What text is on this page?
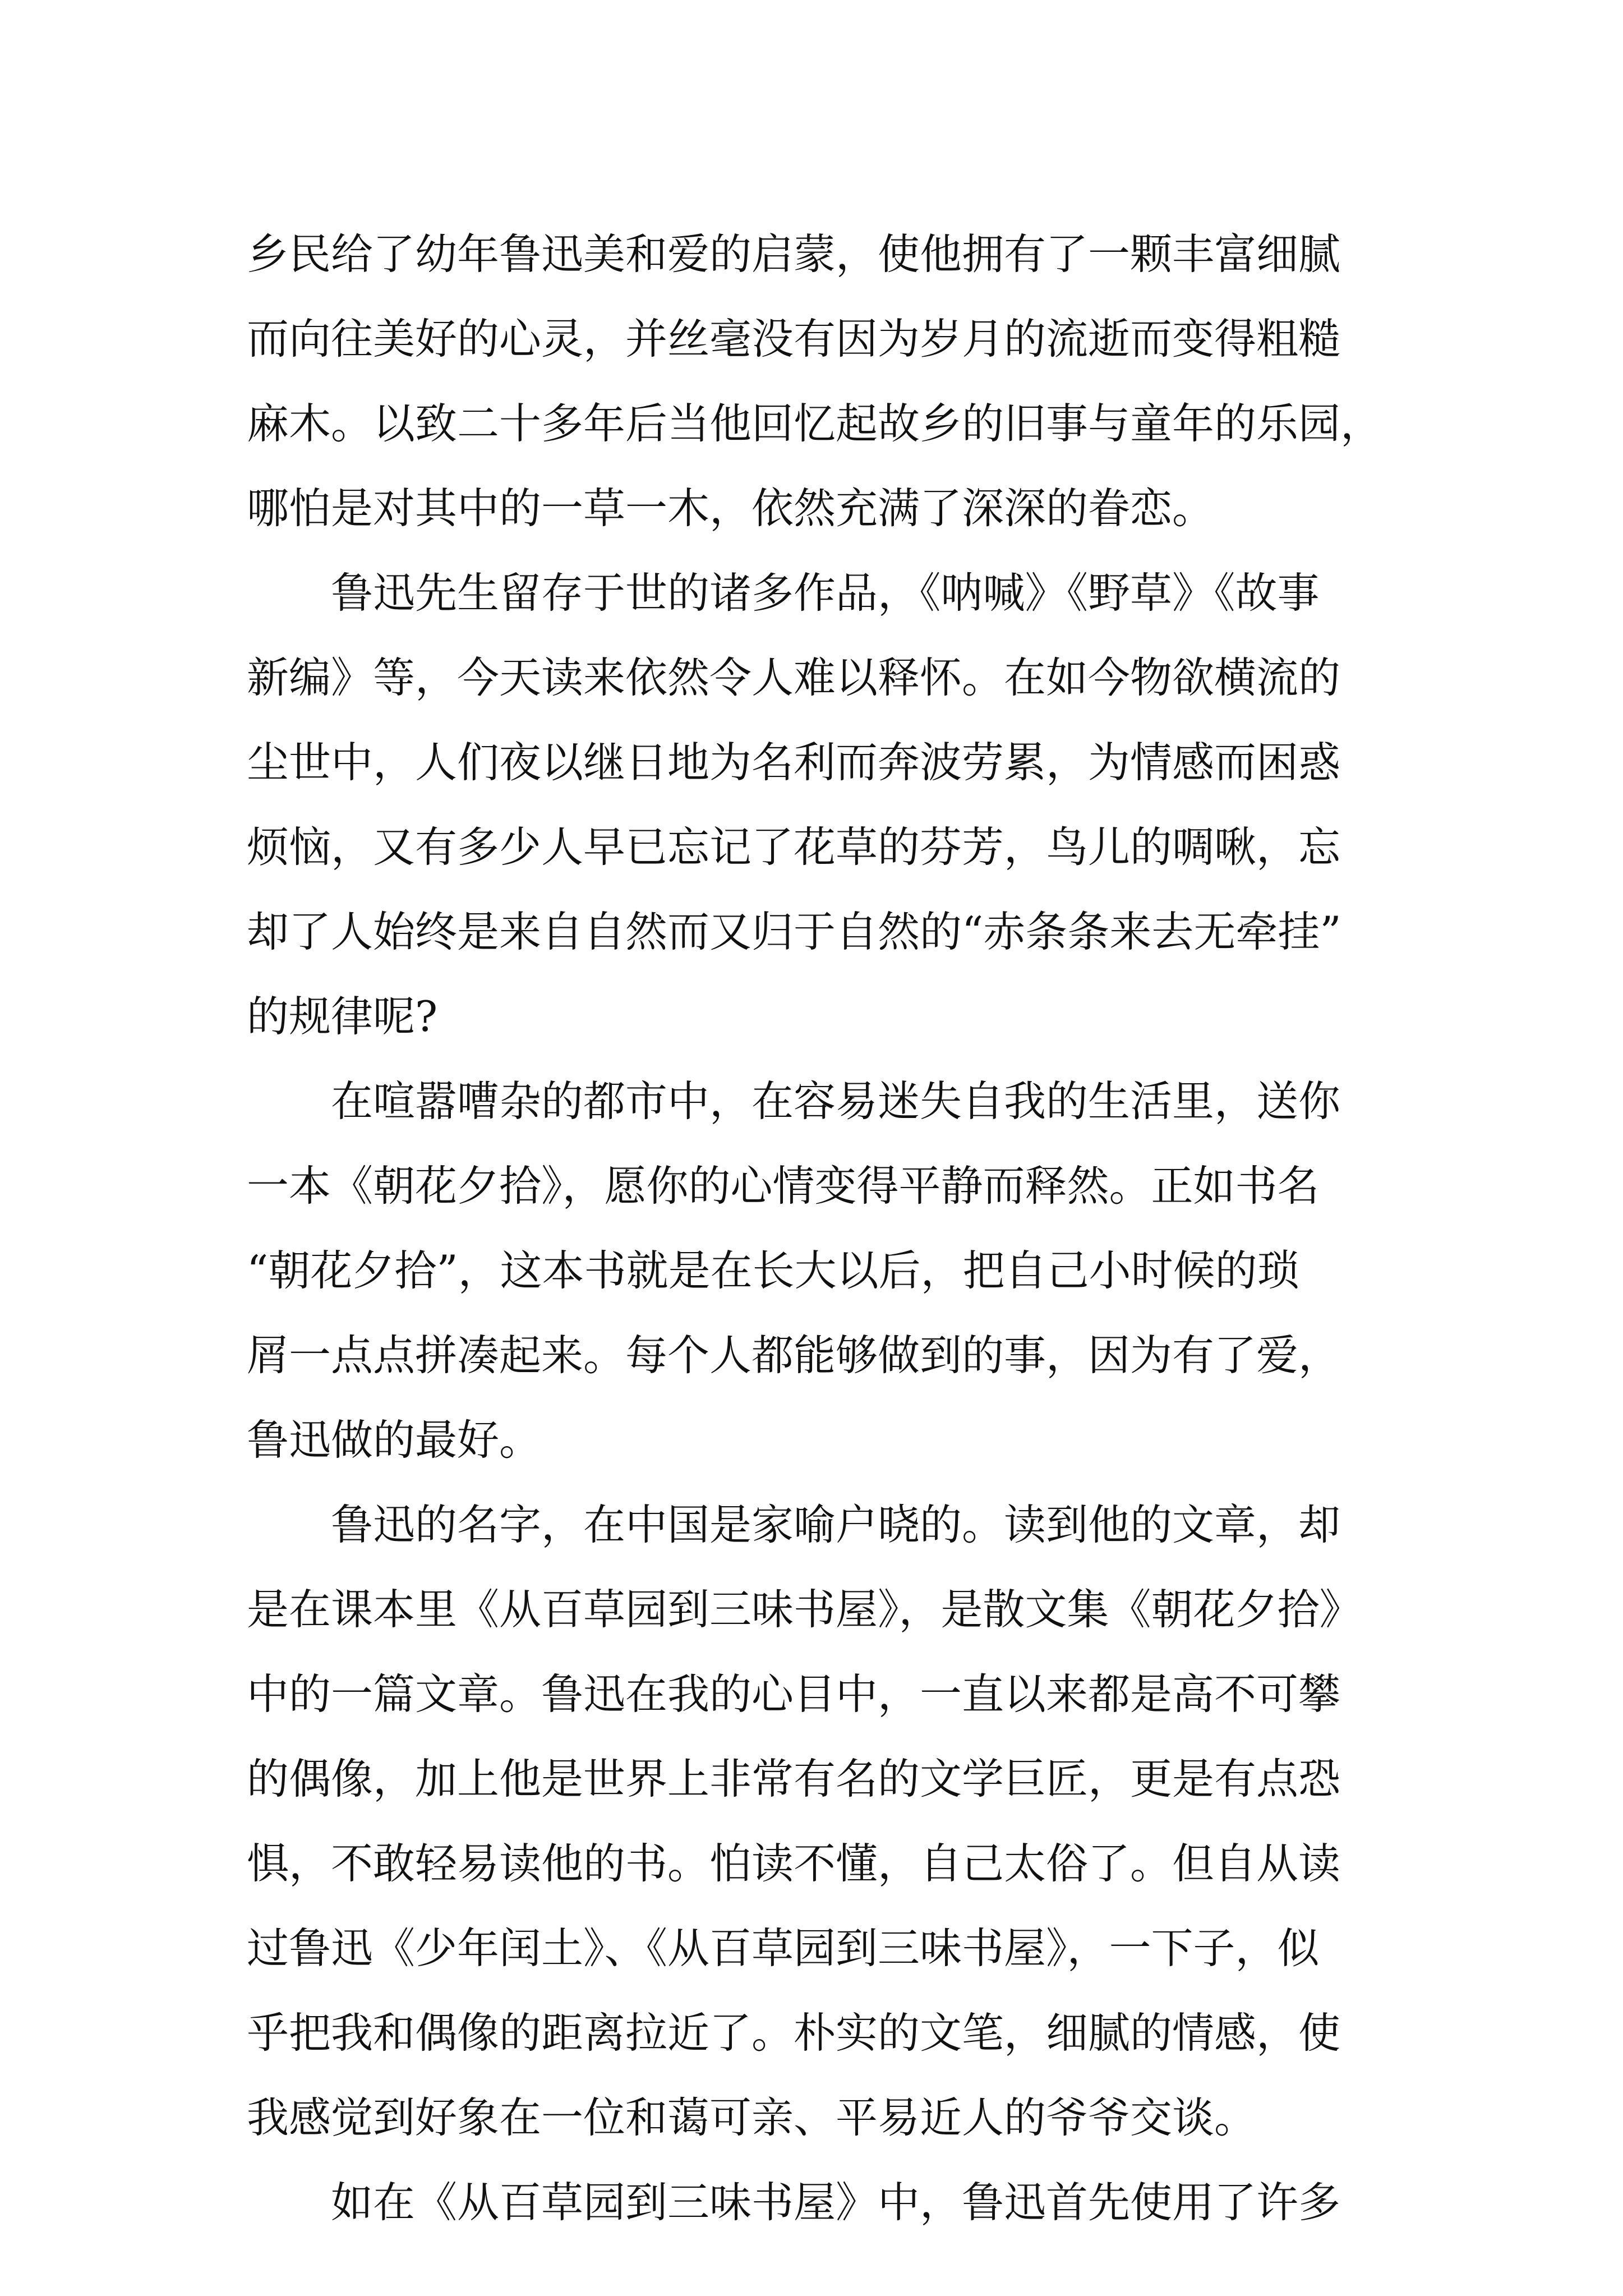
乡民给了幼年鲁迅美和爱的启蒙，使他拥有了一颗丰富细腻
而向往美好的心灵，并丝毫没有因为岁月的流逝而变得粗糙
麻木。以致二十多年后当他回忆起故乡的旧事与童年的乐园，
哪怕是对其中的一草一木，依然充满了深深的眷恋。
　　鲁迅先生留存于世的诸多作品，《呐喊》《野草》《故事
新编》等，今天读来依然令人难以释怀。在如今物欲横流的
尘世中，人们夜以继日地为名利而奔波劳累，为情感而困惑
烦恼，又有多少人早已忘记了花草的芬芳，鸟儿的啁啾，忘
却了人始终是来自自然而又归于自然的“赤条条来去无牵挂”
的规律呢?
　　在喧嚣嘈杂的都市中，在容易迷失自我的生活里，送你
一本《朝花夕拾》，愿你的心情变得平静而释然。正如书名
“朝花夕拾”，这本书就是在长大以后，把自己小时候的琐
屑一点点拼凑起来。每个人都能够做到的事，因为有了爱，
鲁迅做的最好。
　　鲁迅的名字，在中国是家喻户晓的。读到他的文章，却
是在课本里《从百草园到三味书屋》，是散文集《朝花夕拾》
中的一篇文章。鲁迅在我的心目中，一直以来都是高不可攀
的偶像，加上他是世界上非常有名的文学巨匠，更是有点恐
惧，不敢轻易读他的书。怕读不懂，自己太俗了。但自从读
过鲁迅《少年闰土》、《从百草园到三味书屋》，一下子，似
乎把我和偶像的距离拉近了。朴实的文笔，细腻的情感，使
我感觉到好象在一位和蔼可亲、平易近人的爷爷交谈。
　　如在《从百草园到三味书屋》中，鲁迅首先使用了许多
